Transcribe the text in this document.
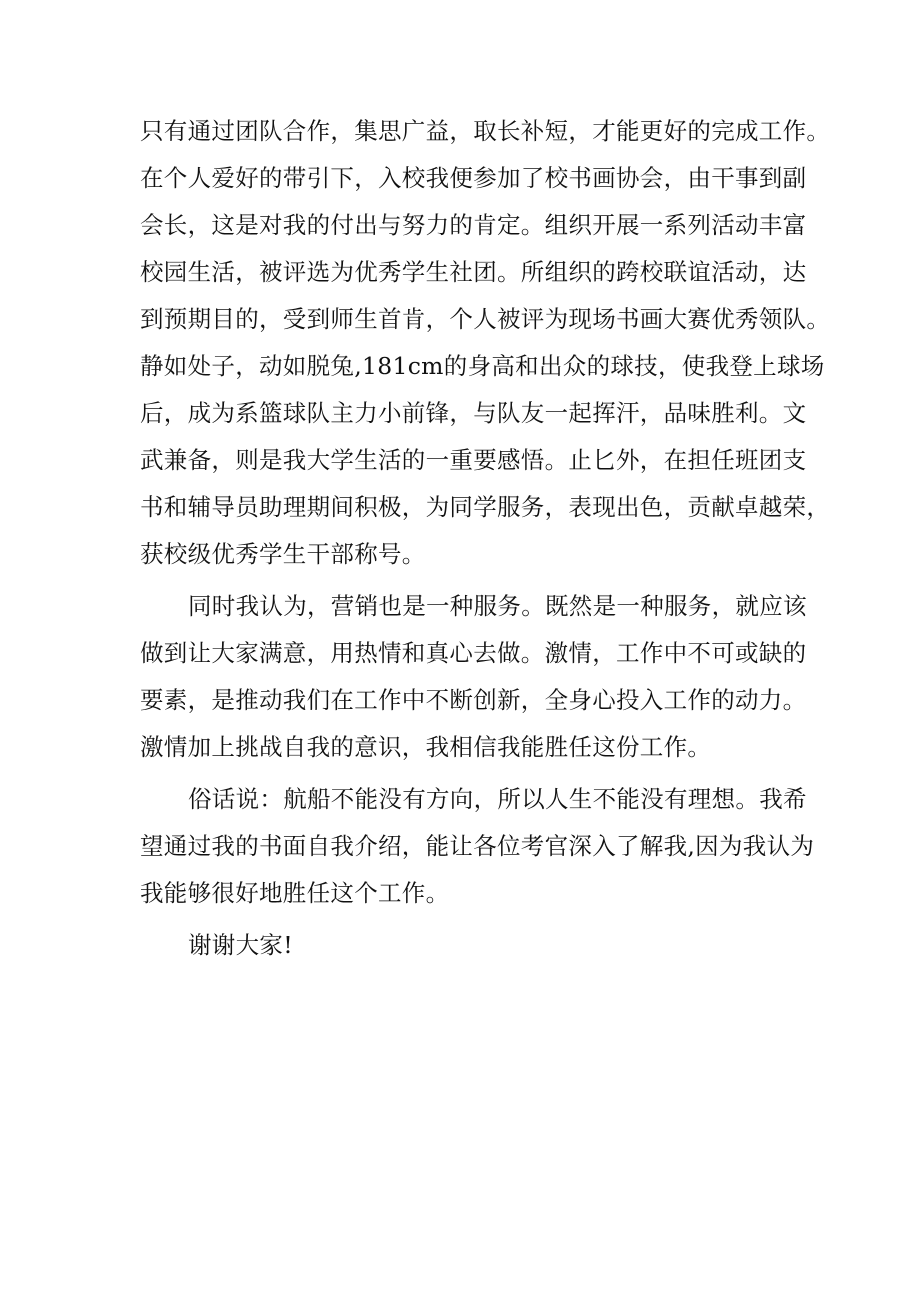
只有通过团队合作，集思广益，取长补短，才能更好的完成工作。
在个人爱好的带引下，入校我便参加了校书画协会，由干事到副
会长，这是对我的付出与努力的肯定。组织开展一系列活动丰富
校园生活，被评选为优秀学生社团。所组织的跨校联谊活动，达
到预期目的，受到师生首肯，个人被评为现场书画大赛优秀领队。
静如处子，动如脱兔,181cm的身高和出众的球技，使我登上球场
后，成为系篮球队主力小前锋，与队友一起挥汗，品味胜利。文
武兼备，则是我大学生活的一重要感悟。止匕外，在担任班团支
书和辅导员助理期间积极，为同学服务，表现出色，贡献卓越荣，
获校级优秀学生干部称号。
同时我认为，营销也是一种服务。既然是一种服务，就应该
做到让大家满意，用热情和真心去做。激情，工作中不可或缺的
要素，是推动我们在工作中不断创新，全身心投入工作的动力。
激情加上挑战自我的意识，我相信我能胜任这份工作。
俗话说：航船不能没有方向，所以人生不能没有理想。我希
望通过我的书面自我介绍，能让各位考官深入了解我,因为我认为
我能够很好地胜任这个工作。
谢谢大家!
